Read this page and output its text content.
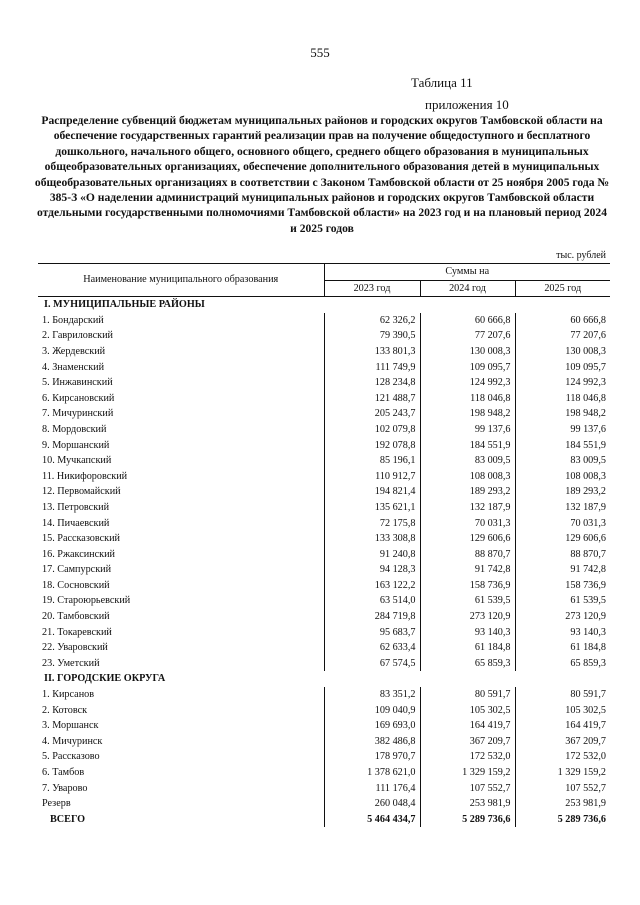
555
Таблица 11
приложения 10
Распределение субвенций бюджетам муниципальных районов и городских округов Тамбовской области на обеспечение государственных гарантий реализации прав на получение общедоступного и бесплатного дошкольного, начального общего, основного общего, среднего общего образования в муниципальных общеобразовательных организациях, обеспечение дополнительного образования детей в муниципальных общеобразовательных организациях в соответствии с Законом Тамбовской области от 25 ноября 2005 года № 385-З «О наделении администраций муниципальных районов и городских округов Тамбовской области отдельными государственными полномочиями Тамбовской области» на 2023 год и на плановый период 2024 и 2025 годов
тыс. рублей
Наименование муниципального образования	Суммы на		
	2023 год	2024 год	2025 год
I. МУНИЦИПАЛЬНЫЕ РАЙОНЫ			
1. Бондарский	62 326,2	60 666,8	60 666,8
2. Гавриловский	79 390,5	77 207,6	77 207,6
3. Жердевский	133 801,3	130 008,3	130 008,3
4. Знаменский	111 749,9	109 095,7	109 095,7
5. Инжавинский	128 234,8	124 992,3	124 992,3
6. Кирсановский	121 488,7	118 046,8	118 046,8
7. Мичуринский	205 243,7	198 948,2	198 948,2
8. Мордовский	102 079,8	99 137,6	99 137,6
9. Моршанский	192 078,8	184 551,9	184 551,9
10. Мучкапский	85 196,1	83 009,5	83 009,5
11. Никифоровский	110 912,7	108 008,3	108 008,3
12. Первомайский	194 821,4	189 293,2	189 293,2
13. Петровский	135 621,1	132 187,9	132 187,9
14. Пичаевский	72 175,8	70 031,3	70 031,3
15. Рассказовский	133 308,8	129 606,6	129 606,6
16. Ржаксинский	91 240,8	88 870,7	88 870,7
17. Сампурский	94 128,3	91 742,8	91 742,8
18. Сосновский	163 122,2	158 736,9	158 736,9
19. Староюрьевский	63 514,0	61 539,5	61 539,5
20. Тамбовский	284 719,8	273 120,9	273 120,9
21. Токаревский	95 683,7	93 140,3	93 140,3
22. Уваровский	62 633,4	61 184,8	61 184,8
23. Уметский	67 574,5	65 859,3	65 859,3
II. ГОРОДСКИЕ ОКРУГА			
1. Кирсанов	83 351,2	80 591,7	80 591,7
2. Котовск	109 040,9	105 302,5	105 302,5
3. Моршанск	169 693,0	164 419,7	164 419,7
4. Мичуринск	382 486,8	367 209,7	367 209,7
5. Рассказово	178 970,7	172 532,0	172 532,0
6. Тамбов	1 378 621,0	1 329 159,2	1 329 159,2
7. Уварово	111 176,4	107 552,7	107 552,7
Резерв	260 048,4	253 981,9	253 981,9
ВСЕГО	5 464 434,7	5 289 736,6	5 289 736,6
